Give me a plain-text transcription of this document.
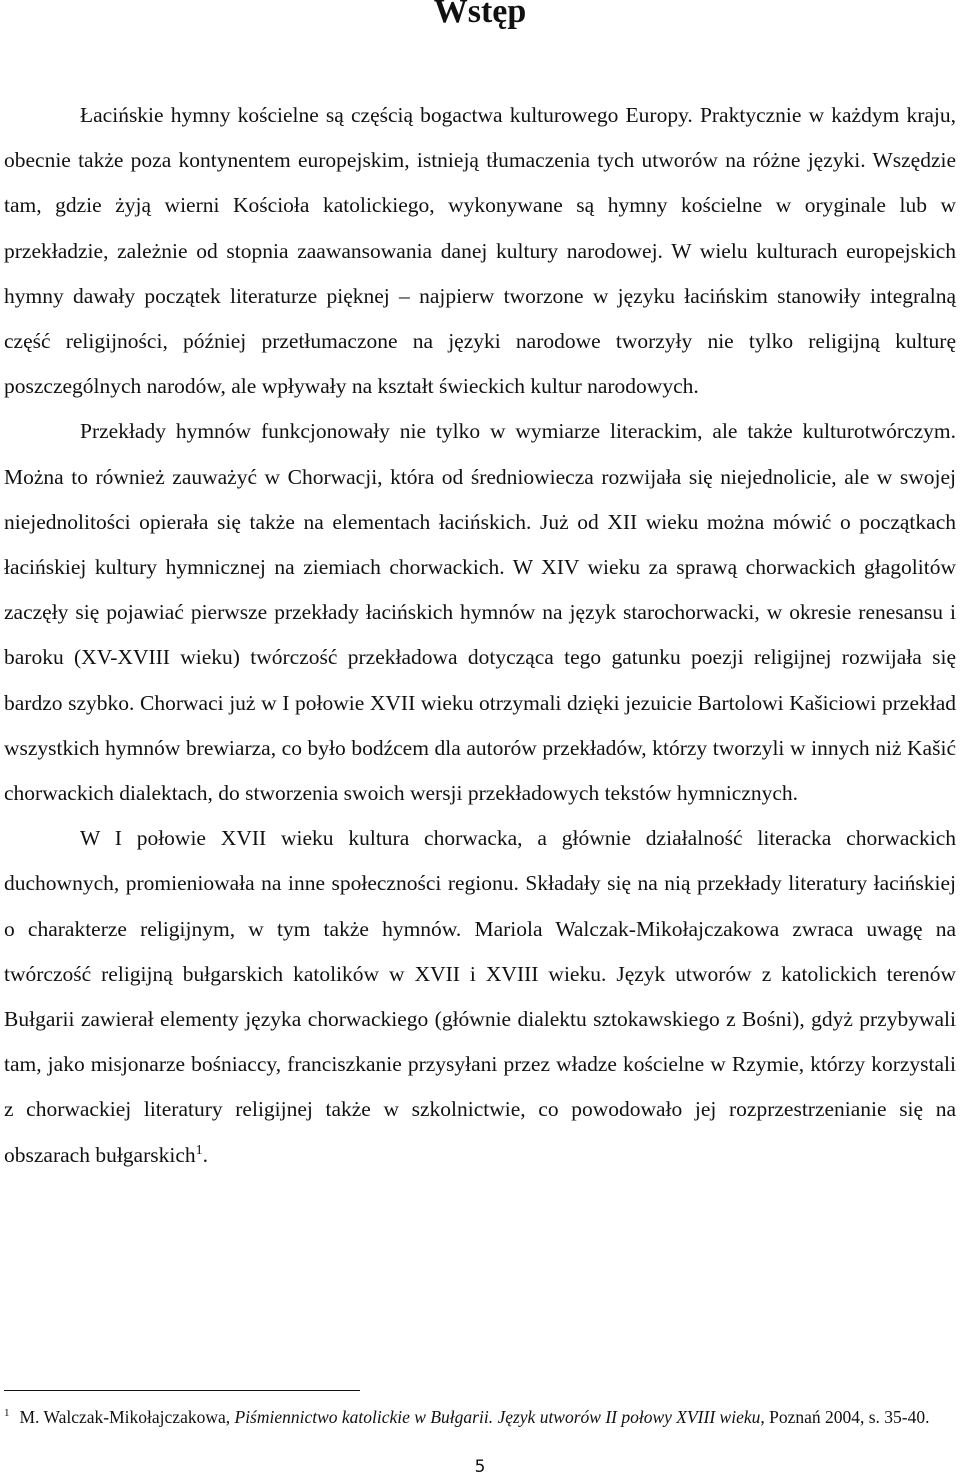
Wstęp

Łacińskie hymny kościelne są częścią bogactwa kulturowego Europy. Praktycznie w każdym kraju, obecnie także poza kontynentem europejskim, istnieją tłumaczenia tych utworów na różne języki. Wszędzie tam, gdzie żyją wierni Kościoła katolickiego, wykonywane są hymny kościelne w oryginale lub w przekładzie, zależnie od stopnia zaawansowania danej kultury narodowej. W wielu kulturach europejskich hymny dawały początek literaturze pięknej – najpierw tworzone w języku łacińskim stanowiły integralną część religijności, później przetłumaczone na języki narodowe tworzyły nie tylko religijną kulturę poszczególnych narodów, ale wpływały na kształt świeckich kultur narodowych.

Przekłady hymnów funkcjonowały nie tylko w wymiarze literackim, ale także kulturotwórczym. Można to również zauważyć w Chorwacji, która od średniowiecza rozwijała się niejednolicie, ale w swojej niejednolitości opierała się także na elementach łacińskich. Już od XII wieku można mówić o początkach łacińskiej kultury hymnicznej na ziemiach chorwackich. W XIV wieku za sprawą chorwackich głagolitów zaczęły się pojawiać pierwsze przekłady łacińskich hymnów na język starochorwacki, w okresie renesansu i baroku (XV-XVIII wieku) twórczość przekładowa dotycząca tego gatunku poezji religijnej rozwijała się bardzo szybko. Chorwaci już w I połowie XVII wieku otrzymali dzięki jezuicie Bartolowi Kašiciowi przekład wszystkich hymnów brewiarza, co było bodźcem dla autorów przekładów, którzy tworzyli w innych niż Kašić chorwackich dialektach, do stworzenia swoich wersji przekładowych tekstów hymnicznych.

W I połowie XVII wieku kultura chorwacka, a głównie działalność literacka chorwackich duchownych, promieniowała na inne społeczności regionu. Składały się na nią przekłady literatury łacińskiej o charakterze religijnym, w tym także hymnów. Mariola Walczak-Mikołajczakowa zwraca uwagę na twórczość religijną bułgarskich katolików w XVII i XVIII wieku. Język utworów z katolickich terenów Bułgarii zawierał elementy języka chorwackiego (głównie dialektu sztokawskiego z Bośni), gdyż przybywali tam, jako misjonarze bośniaccy, franciszkanie przysyłani przez władze kościelne w Rzymie, którzy korzystali z chorwackiej literatury religijnej także w szkolnictwie, co powodowało jej rozprzestrzenianie się na obszarach bułgarskich$^1$.

$^1$ M. Walczak-Mikołajczakowa, Piśmiennictwo katolickie w Bułgarii. Język utworów II połowy XVIII wieku, Poznań 2004, s. 35-40.

5
